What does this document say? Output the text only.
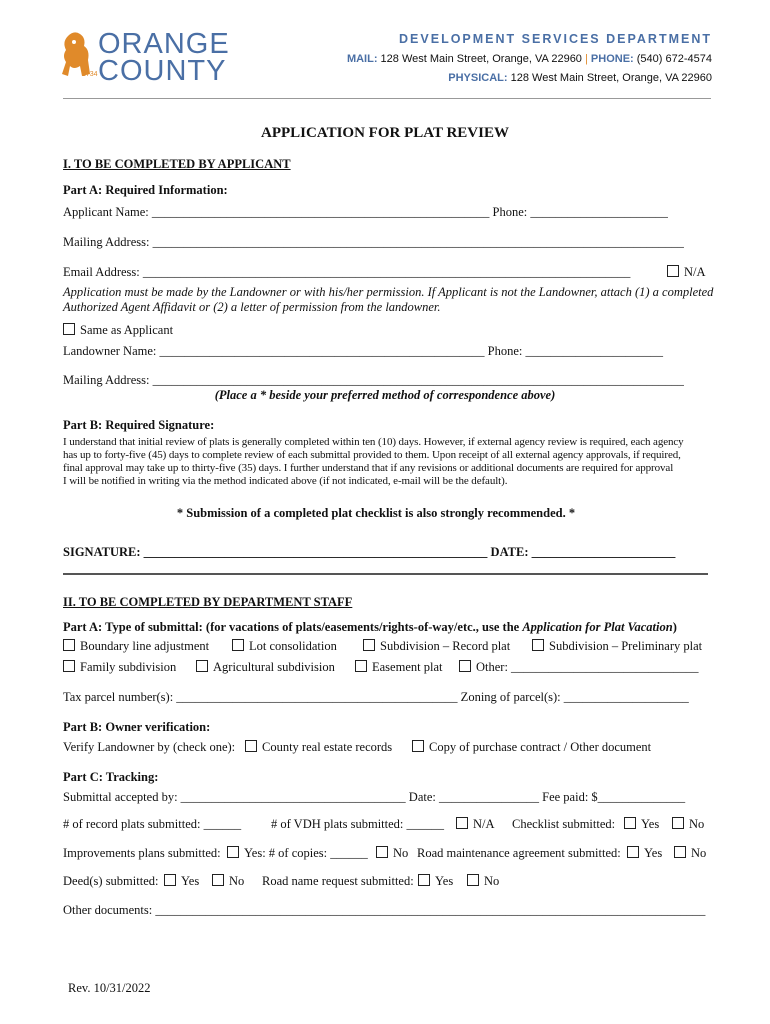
1734
ORANGE
COUNTY
DEVELOPMENT SERVICES DEPARTMENT
MAIL: 128 West Main Street, Orange, VA 22960 | PHONE: (540) 672-4574
PHYSICAL: 128 West Main Street, Orange, VA 22960
APPLICATION FOR PLAT REVIEW
I. TO BE COMPLETED BY APPLICANT
Part A: Required Information:
Applicant Name: ______________________________________________________ Phone: ______________________
Mailing Address: _____________________________________________________________________________________
Email Address: ______________________________________________________________________________	N/A
Application must be made by the Landowner or with his/her permission. If Applicant is not the Landowner, attach (1) a completed
Authorized Agent Affidavit or (2) a letter of permission from the landowner.
Same as Applicant
Landowner Name: ____________________________________________________ Phone: ______________________
Mailing Address: _____________________________________________________________________________________
(Place a * beside your preferred method of correspondence above)
Part B: Required Signature:
I understand that initial review of plats is generally completed within ten (10) days. However, if external agency review is required, each agency
has up to forty-five (45) days to complete review of each submittal provided to them. Upon receipt of all external agency approvals, if required,
final approval may take up to thirty-five (35) days. I further understand that if any revisions or additional documents are required for approval
I will be notified in writing via the method indicated above (if not indicated, e-mail will be the default).
* Submission of a completed plat checklist is also strongly recommended. *
SIGNATURE: _______________________________________________________ DATE: _______________________
II. TO BE COMPLETED BY DEPARTMENT STAFF
Part A: Type of submittal: (for vacations of plats/easements/rights-of-way/etc., use the Application for Plat Vacation)
Boundary line adjustment	Lot consolidation	Subdivision – Record plat	Subdivision – Preliminary plat
Family subdivision	Agricultural subdivision	Easement plat	Other: ______________________________
Tax parcel number(s): _____________________________________________ Zoning of parcel(s): ____________________
Part B: Owner verification:
Verify Landowner by (check one):	County real estate records	Copy of purchase contract / Other document
Part C: Tracking:
Submittal accepted by: ____________________________________ Date: ________________ Fee paid: $______________
# of record plats submitted: ______ # of VDH plats submitted: ______	N/A Checklist submitted:	Yes	No
Improvements plans submitted:	Yes: # of copies: ______	No Road maintenance agreement submitted:	Yes	No
Deed(s) submitted:	Yes	No Road name request submitted:	Yes	No
Other documents: ________________________________________________________________________________________
Rev. 10/31/2022
